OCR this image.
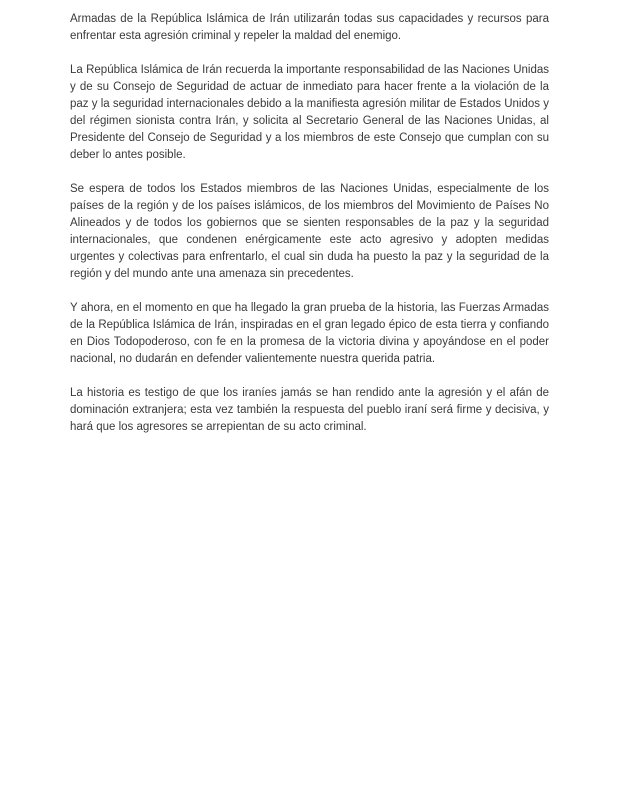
Armadas de la República Islámica de Irán utilizarán todas sus capacidades y recursos para enfrentar esta agresión criminal y repeler la maldad del enemigo.

La República Islámica de Irán recuerda la importante responsabilidad de las Naciones Unidas y de su Consejo de Seguridad de actuar de inmediato para hacer frente a la violación de la paz y la seguridad internacionales debido a la manifiesta agresión militar de Estados Unidos y del régimen sionista contra Irán, y solicita al Secretario General de las Naciones Unidas, al Presidente del Consejo de Seguridad y a los miembros de este Consejo que cumplan con su deber lo antes posible.

Se espera de todos los Estados miembros de las Naciones Unidas, especialmente de los países de la región y de los países islámicos, de los miembros del Movimiento de Países No Alineados y de todos los gobiernos que se sienten responsables de la paz y la seguridad internacionales, que condenen enérgicamente este acto agresivo y adopten medidas urgentes y colectivas para enfrentarlo, el cual sin duda ha puesto la paz y la seguridad de la región y del mundo ante una amenaza sin precedentes.

Y ahora, en el momento en que ha llegado la gran prueba de la historia, las Fuerzas Armadas de la República Islámica de Irán, inspiradas en el gran legado épico de esta tierra y confiando en Dios Todopoderoso, con fe en la promesa de la victoria divina y apoyándose en el poder nacional, no dudarán en defender valientemente nuestra querida patria.

La historia es testigo de que los iraníes jamás se han rendido ante la agresión y el afán de dominación extranjera; esta vez también la respuesta del pueblo iraní será firme y decisiva, y hará que los agresores se arrepientan de su acto criminal.
